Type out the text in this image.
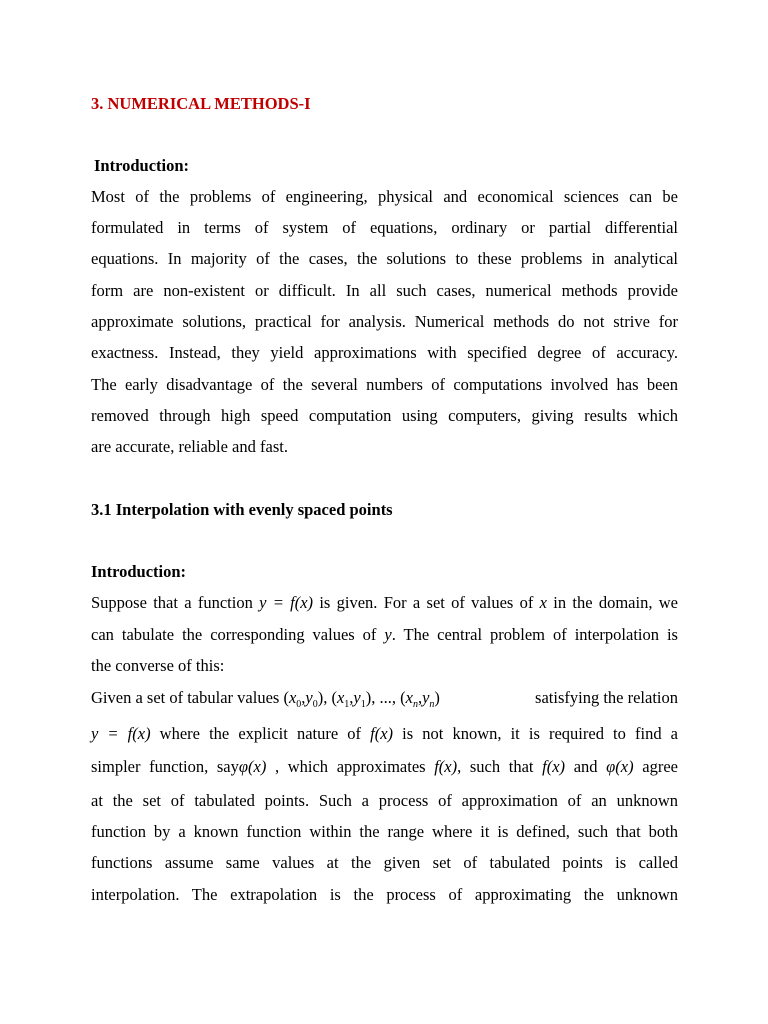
3. NUMERICAL METHODS-I
Introduction:
Most of the problems of engineering, physical and economical sciences can be
formulated in terms of system of equations, ordinary or partial differential
equations. In majority of the cases, the solutions to these problems in analytical
form are non-existent or difficult. In all such cases, numerical methods provide
approximate solutions, practical for analysis. Numerical methods do not strive for
exactness. Instead, they yield approximations with specified degree of accuracy.
The early disadvantage of the several numbers of computations involved has been
removed through high speed computation using computers, giving results which
are accurate, reliable and fast.
3.1 Interpolation with evenly spaced points
Introduction:
Suppose that a function y = f(x) is given. For a set of values of x in the domain, we
can tabulate the corresponding values of y. The central problem of interpolation is
the converse of this:
Given a set of tabular values $(x_0,y_0)$, $(x_1,y_1)$, ..., $(x_n,y_n)$	satisfying the relation
y = f(x) where the explicit nature of f(x) is not known, it is required to find a
simpler function, sayφ(x) , which approximates f(x), such that f(x) and φ(x) agree
at the set of tabulated points. Such a process of approximation of an unknown
function by a known function within the range where it is defined, such that both
functions assume same values at the given set of tabulated points is called
interpolation. The extrapolation is the process of approximating the unknown
